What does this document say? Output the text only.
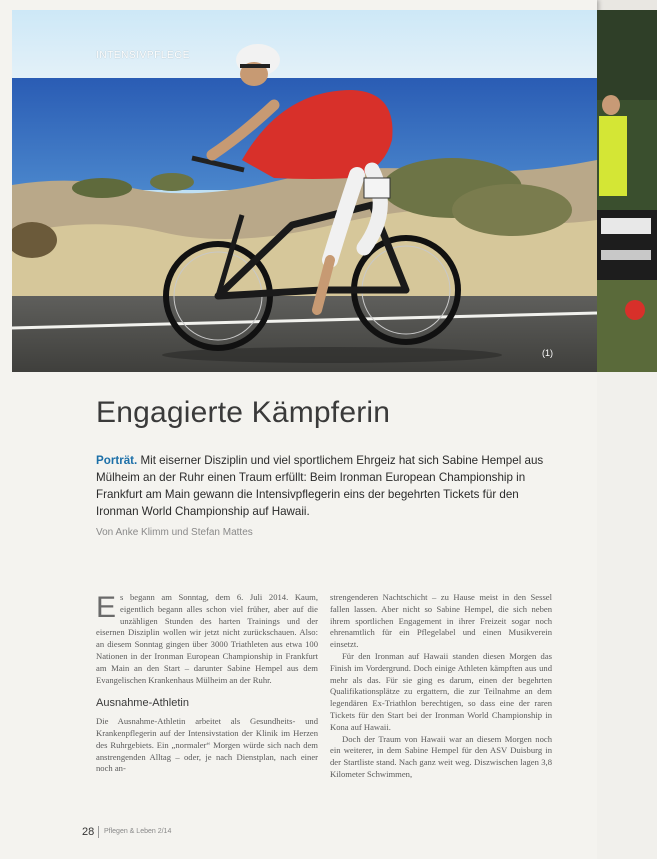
INTENSIVPFLEGE
(1)
Engagierte Kämpferin

Porträt. Mit eiserner Disziplin und viel sportlichem Ehrgeiz hat sich Sabine Hempel aus Mülheim an der Ruhr einen Traum erfüllt: Beim Ironman European Championship in Frankfurt am Main gewann die Intensivpflegerin eins der begehrten Tickets für den Ironman World Championship auf Hawaii.

Von Anke Klimm und Stefan Mattes

Es begann am Sonntag, dem 6. Juli 2014. Kaum, eigentlich begann alles schon viel früher, aber auf die unzähligen Stunden des harten Trainings und der eisernen Disziplin wollen wir jetzt nicht zurückschauen. Also: an diesem Sonntag gingen über 3000 Triathleten aus etwa 100 Nationen in der Ironman European Championship in Frankfurt am Main an den Start – darunter Sabine Hempel aus dem Evangelischen Krankenhaus Mülheim an der Ruhr.

Ausnahme-Athletin

Die Ausnahme-Athletin arbeitet als Gesundheits- und Krankenpflegerin auf der Intensivstation der Klinik im Herzen des Ruhrgebiets. Ein „normaler“ Morgen würde sich nach dem anstrengenden Alltag – oder, je nach Dienstplan, nach einer noch an-

strengenderen Nachtschicht – zu Hause meist in den Sessel fallen lassen. Aber nicht so Sabine Hempel, die sich neben ihrem sportlichen Engagement in ihrer Freizeit sogar noch ehrenamtlich für ein Pflegelabel und einen Musikverein einsetzt.

Für den Ironman auf Hawaii standen diesen Morgen das Finish im Vordergrund. Doch einige Athleten kämpften aus und mehr als das. Für sie ging es darum, einen der begehrten Qualifikationsplätze zu ergattern, die zur Teilnahme an dem legendären Ex-Triathlon berechtigen, so dass eine der raren Tickets für den Start bei der Ironman World Championship in Kona auf Hawaii.

Doch der Traum von Hawaii war an diesem Morgen noch ein weiterer, in dem Sabine Hempel für den ASV Duisburg in der Startliste stand. Nach ganz weit weg. Diszwischen lagen 3,8 Kilometer Schwimmen,

28 Pflegen & Leben 2/14
